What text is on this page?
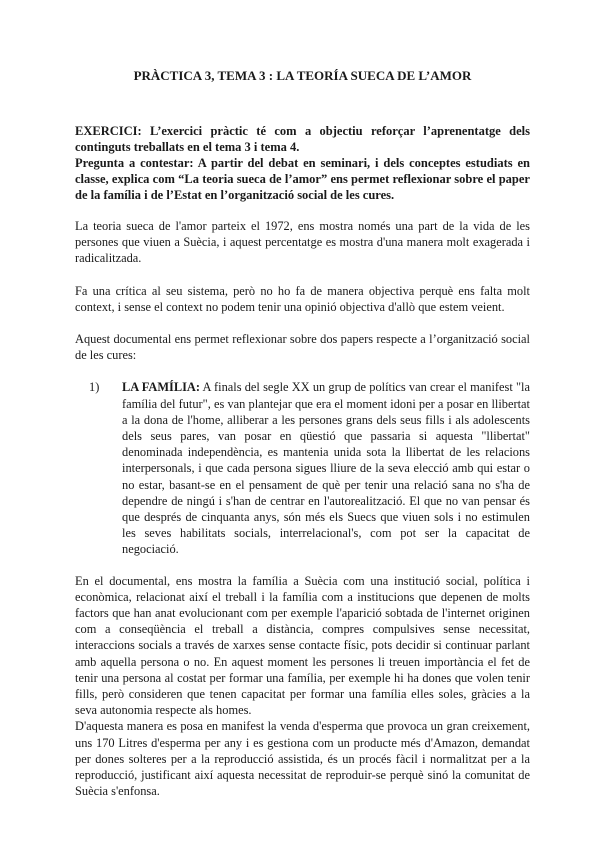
PRÀCTICA 3, TEMA 3 : LA TEORÍA SUECA DE L’AMOR

EXERCICI: L’exercici pràctic té com a objectiu reforçar l’aprenentatge dels continguts treballats en el tema 3 i tema 4.

Pregunta a contestar: A partir del debat en seminari, i dels conceptes estudiats en classe, explica com “La teoria sueca de l’amor” ens permet reflexionar sobre el paper de la família i de l’Estat en l’organització social de les cures.

La teoria sueca de l'amor parteix el 1972, ens mostra només una part de la vida de les persones que viuen a Suècia, i aquest percentatge es mostra d'una manera molt exagerada i radicalitzada.

Fa una crítica al seu sistema, però no ho fa de manera objectiva perquè ens falta molt context, i sense el context no podem tenir una opinió objectiva d'allò que estem veient.

Aquest documental ens permet reflexionar sobre dos papers respecte a l’organització social de les cures:

1) LA FAMÍLIA: A finals del segle XX un grup de polítics van crear el manifest "la família del futur", es van plantejar que era el moment idoni per a posar en llibertat a la dona de l'home, alliberar a les persones grans dels seus fills i als adolescents dels seus pares, van posar en qüestió que passaria si aquesta "llibertat" denominada independència, es mantenia unida sota la llibertat de les relacions interpersonals, i que cada persona sigues lliure de la seva elecció amb qui estar o no estar, basant-se en el pensament de què per tenir una relació sana no s'ha de dependre de ningú i s'han de centrar en l'autorealització. El que no van pensar és que després de cinquanta anys, són més els Suecs que viuen sols i no estimulen les seves habilitats socials, interrelacional's, com pot ser la capacitat de negociació.

En el documental, ens mostra la família a Suècia com una institució social, política i econòmica, relacionat així el treball i la família com a institucions que depenen de molts factors que han anat evolucionant com per exemple l'aparició sobtada de l'internet originen com a conseqüència el treball a distància, compres compulsives sense necessitat, interaccions socials a través de xarxes sense contacte físic, pots decidir si continuar parlant amb aquella persona o no. En aquest moment les persones li treuen importància el fet de tenir una persona al costat per formar una família, per exemple hi ha dones que volen tenir fills, però consideren que tenen capacitat per formar una família elles soles, gràcies a la seva autonomia respecte als homes.

D'aquesta manera es posa en manifest la venda d'esperma que provoca un gran creixement, uns 170 Litres d'esperma per any i es gestiona com un producte més d'Amazon, demandat per dones solteres per a la reproducció assistida, és un procés fàcil i normalitzat per a la reproducció, justificant així aquesta necessitat de reproduir-se perquè sinó la comunitat de Suècia s'enfonsa.
